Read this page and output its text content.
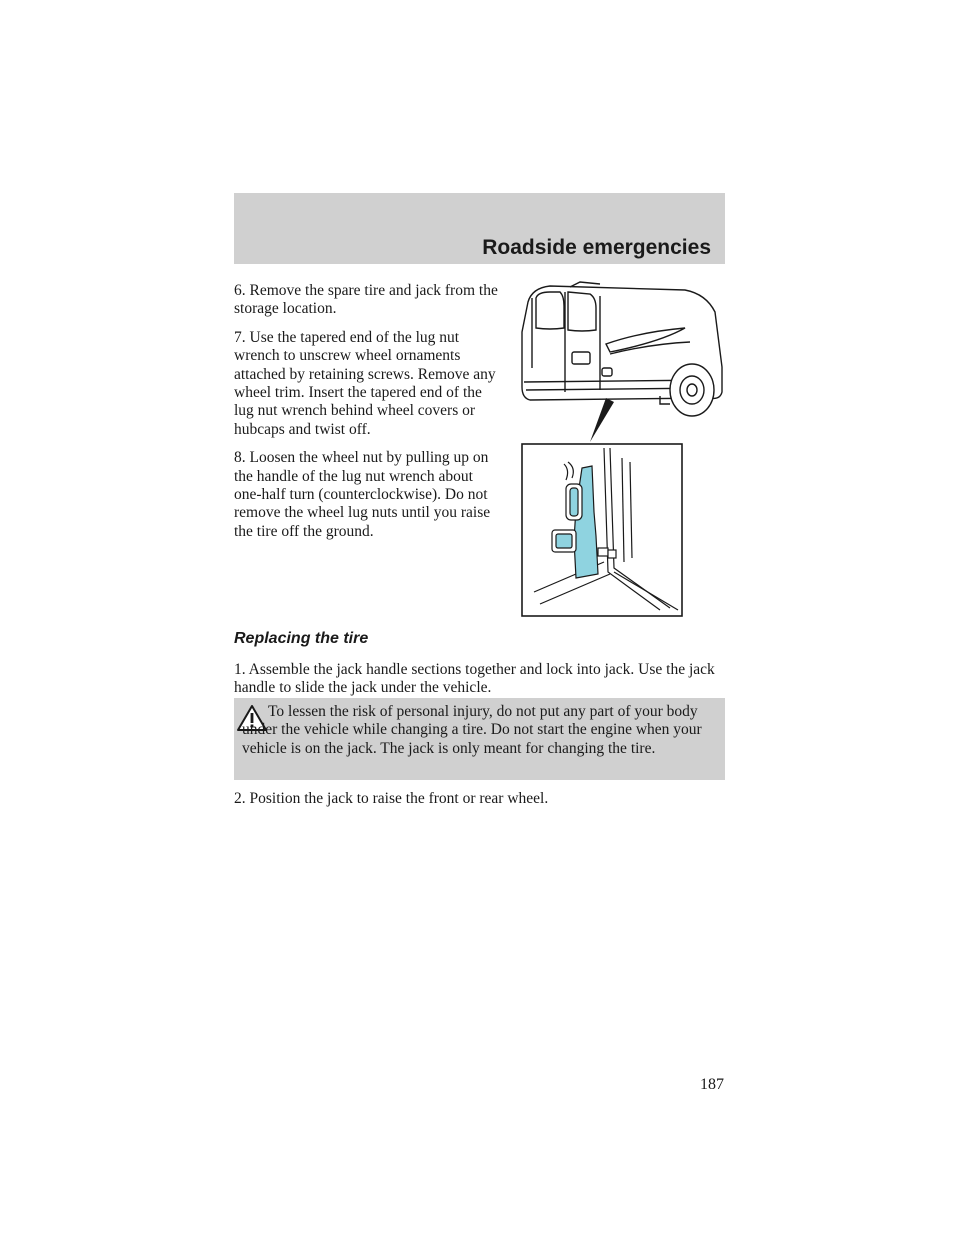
Roadside emergencies

6. Remove the spare tire and jack from the storage location.

7. Use the tapered end of the lug nut wrench to unscrew wheel ornaments attached by retaining screws. Remove any wheel trim. Insert the tapered end of the lug nut wrench behind wheel covers or hubcaps and twist off.

8. Loosen the wheel nut by pulling up on the handle of the lug nut wrench about one-half turn (counterclockwise). Do not remove the wheel lug nuts until you raise the tire off the ground.

Replacing the tire

1. Assemble the jack handle sections together and lock into jack. Use the jack handle to slide the jack under the vehicle.

To lessen the risk of personal injury, do not put any part of your body under the vehicle while changing a tire. Do not start the engine when your vehicle is on the jack. The jack is only meant for changing the tire.

2. Position the jack to raise the front or rear wheel.

187
